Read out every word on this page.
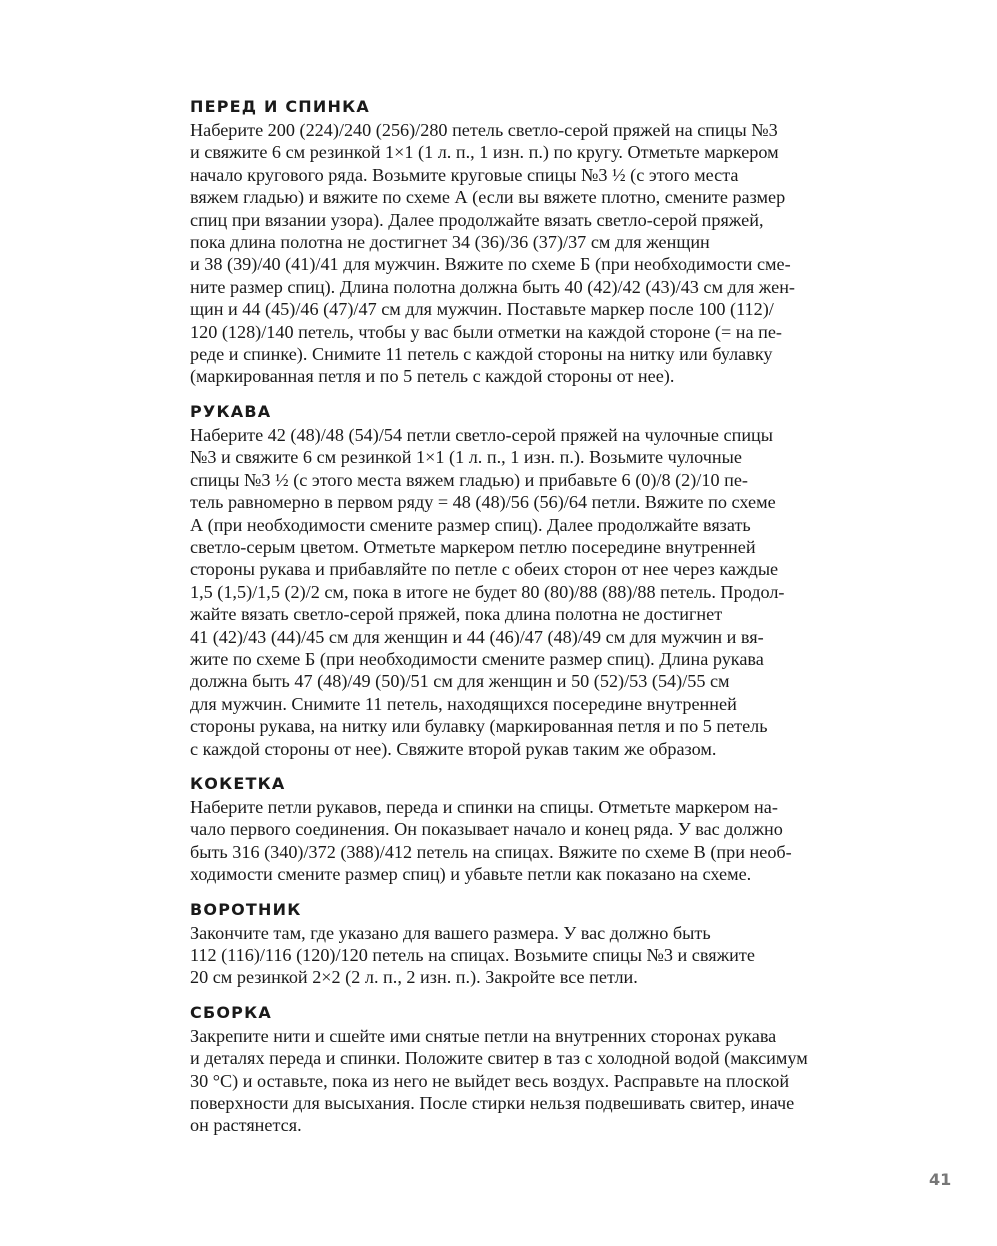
ПЕРЕД И СПИНКА
Наберите 200 (224)/240 (256)/280 петель светло-серой пряжей на спицы №3
и свяжите 6 см резинкой 1×1 (1 л. п., 1 изн. п.) по кругу. Отметьте маркером
начало кругового ряда. Возьмите круговые спицы №3 ½ (с этого места
вяжем гладью) и вяжите по схеме А (если вы вяжете плотно, смените размер
спиц при вязании узора). Далее продолжайте вязать светло-серой пряжей,
пока длина полотна не достигнет 34 (36)/36 (37)/37 см для женщин
и 38 (39)/40 (41)/41 для мужчин. Вяжите по схеме Б (при необходимости сме-
ните размер спиц). Длина полотна должна быть 40 (42)/42 (43)/43 см для жен-
щин и 44 (45)/46 (47)/47 см для мужчин. Поставьте маркер после 100 (112)/
120 (128)/140 петель, чтобы у вас были отметки на каждой стороне (= на пе-
реде и спинке). Снимите 11 петель с каждой стороны на нитку или булавку
(маркированная петля и по 5 петель с каждой стороны от нее).
РУКАВА
Наберите 42 (48)/48 (54)/54 петли светло-серой пряжей на чулочные спицы
№3 и свяжите 6 см резинкой 1×1 (1 л. п., 1 изн. п.). Возьмите чулочные
спицы №3 ½ (с этого места вяжем гладью) и прибавьте 6 (0)/8 (2)/10 пе-
тель равномерно в первом ряду = 48 (48)/56 (56)/64 петли. Вяжите по схеме
А (при необходимости смените размер спиц). Далее продолжайте вязать
светло-серым цветом. Отметьте маркером петлю посередине внутренней
стороны рукава и прибавляйте по петле с обеих сторон от нее через каждые
1,5 (1,5)/1,5 (2)/2 см, пока в итоге не будет 80 (80)/88 (88)/88 петель. Продол-
жайте вязать светло-серой пряжей, пока длина полотна не достигнет
41 (42)/43 (44)/45 см для женщин и 44 (46)/47 (48)/49 см для мужчин и вя-
жите по схеме Б (при необходимости смените размер спиц). Длина рукава
должна быть 47 (48)/49 (50)/51 см для женщин и 50 (52)/53 (54)/55 см
для мужчин. Снимите 11 петель, находящихся посередине внутренней
стороны рукава, на нитку или булавку (маркированная петля и по 5 петель
с каждой стороны от нее). Свяжите второй рукав таким же образом.
КОКЕТКА
Наберите петли рукавов, переда и спинки на спицы. Отметьте маркером на-
чало первого соединения. Он показывает начало и конец ряда. У вас должно
быть 316 (340)/372 (388)/412 петель на спицах. Вяжите по схеме В (при необ-
ходимости смените размер спиц) и убавьте петли как показано на схеме.
ВОРОТНИК
Закончите там, где указано для вашего размера. У вас должно быть
112 (116)/116 (120)/120 петель на спицах. Возьмите спицы №3 и свяжите
20 см резинкой 2×2 (2 л. п., 2 изн. п.). Закройте все петли.
СБОРКА
Закрепите нити и сшейте ими снятые петли на внутренних сторонах рукава
и деталях переда и спинки. Положите свитер в таз с холодной водой (максимум
30 °C) и оставьте, пока из него не выйдет весь воздух. Расправьте на плоской
поверхности для высыхания. После стирки нельзя подвешивать свитер, иначе
он растянется.
41
